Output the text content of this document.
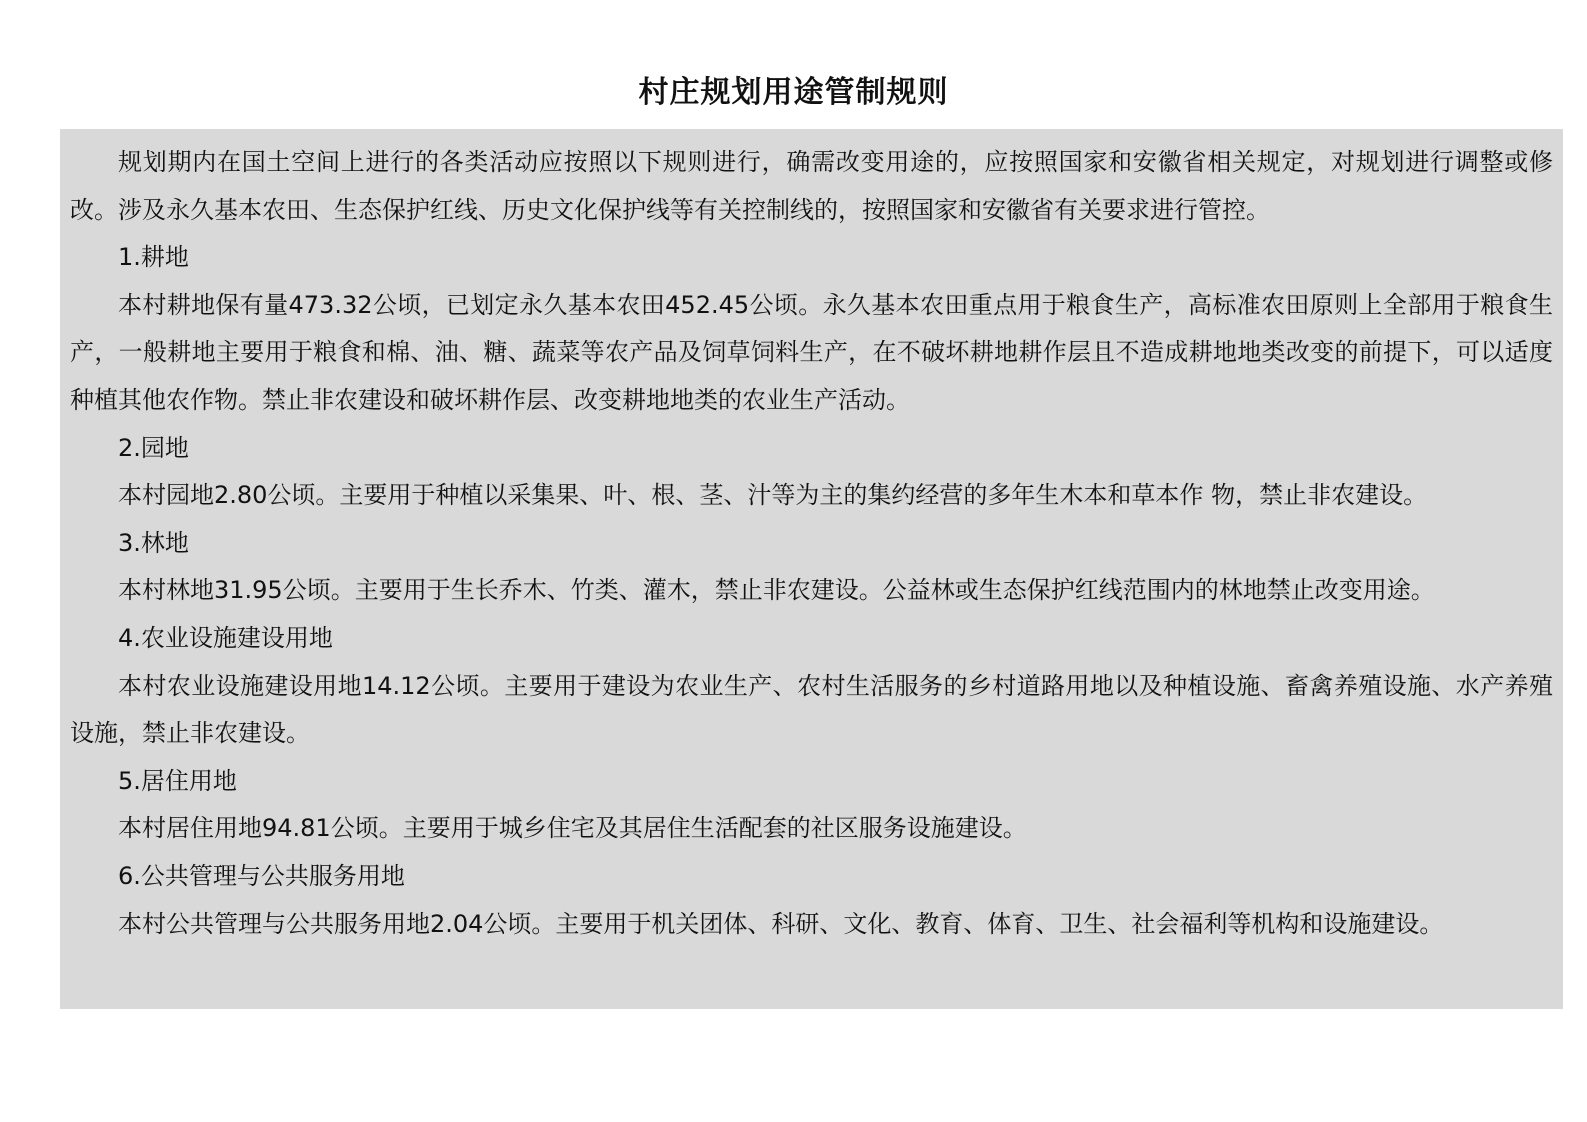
村庄规划用途管制规则

规划期内在国土空间上进行的各类活动应按照以下规则进行，确需改变用途的，应按照国家和安徽省相关规定，对规划进行调整或修改。涉及永久基本农田、生态保护红线、历史文化保护线等有关控制线的，按照国家和安徽省有关要求进行管控。

1.耕地

本村耕地保有量473.32公顷，已划定永久基本农田452.45公顷。永久基本农田重点用于粮食生产，高标准农田原则上全部用于粮食生产，一般耕地主要用于粮食和棉、油、糖、蔬菜等农产品及饲草饲料生产，在不破坏耕地耕作层且不造成耕地地类改变的前提下，可以适度种植其他农作物。禁止非农建设和破坏耕作层、改变耕地地类的农业生产活动。

2.园地

本村园地2.80公顷。主要用于种植以采集果、叶、根、茎、汁等为主的集约经营的多年生木本和草本作 物，禁止非农建设。

3.林地

本村林地31.95公顷。主要用于生长乔木、竹类、灌木，禁止非农建设。公益林或生态保护红线范围内的林地禁止改变用途。

4.农业设施建设用地

本村农业设施建设用地14.12公顷。主要用于建设为农业生产、农村生活服务的乡村道路用地以及种植设施、畜禽养殖设施、水产养殖设施，禁止非农建设。

5.居住用地

本村居住用地94.81公顷。主要用于城乡住宅及其居住生活配套的社区服务设施建设。

6.公共管理与公共服务用地

本村公共管理与公共服务用地2.04公顷。主要用于机关团体、科研、文化、教育、体育、卫生、社会福利等机构和设施建设。
